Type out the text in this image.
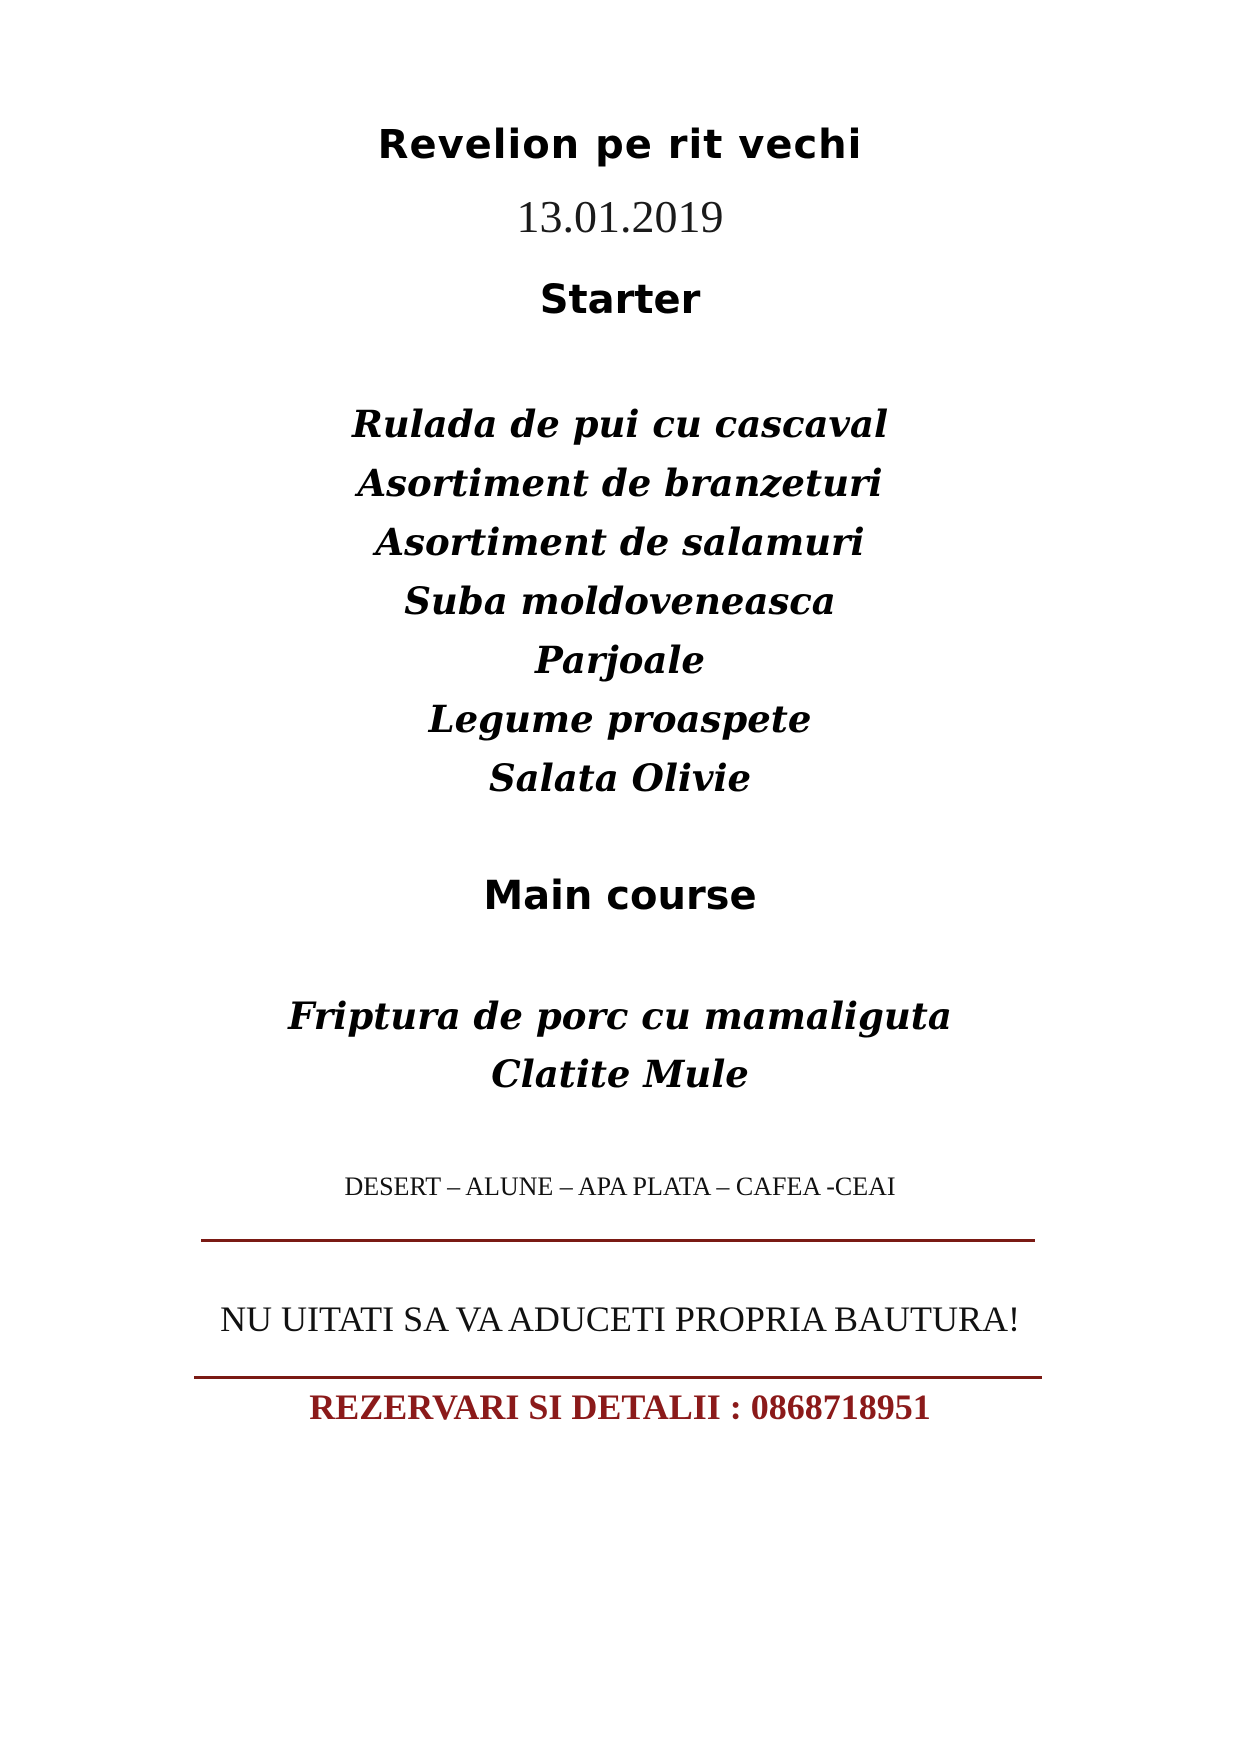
Revelion pe rit vechi
13.01.2019
Starter
Rulada de pui cu cascaval
Asortiment de branzeturi
Asortiment de salamuri
Suba moldoveneasca
Parjoale
Legume proaspete
Salata Olivie
Main course
Friptura de porc cu mamaliguta
Clatite Mule
DESERT – ALUNE – APA PLATA – CAFEA -CEAI
NU UITATI SA VA ADUCETI PROPRIA BAUTURA!
REZERVARI SI DETALII : 0868718951
